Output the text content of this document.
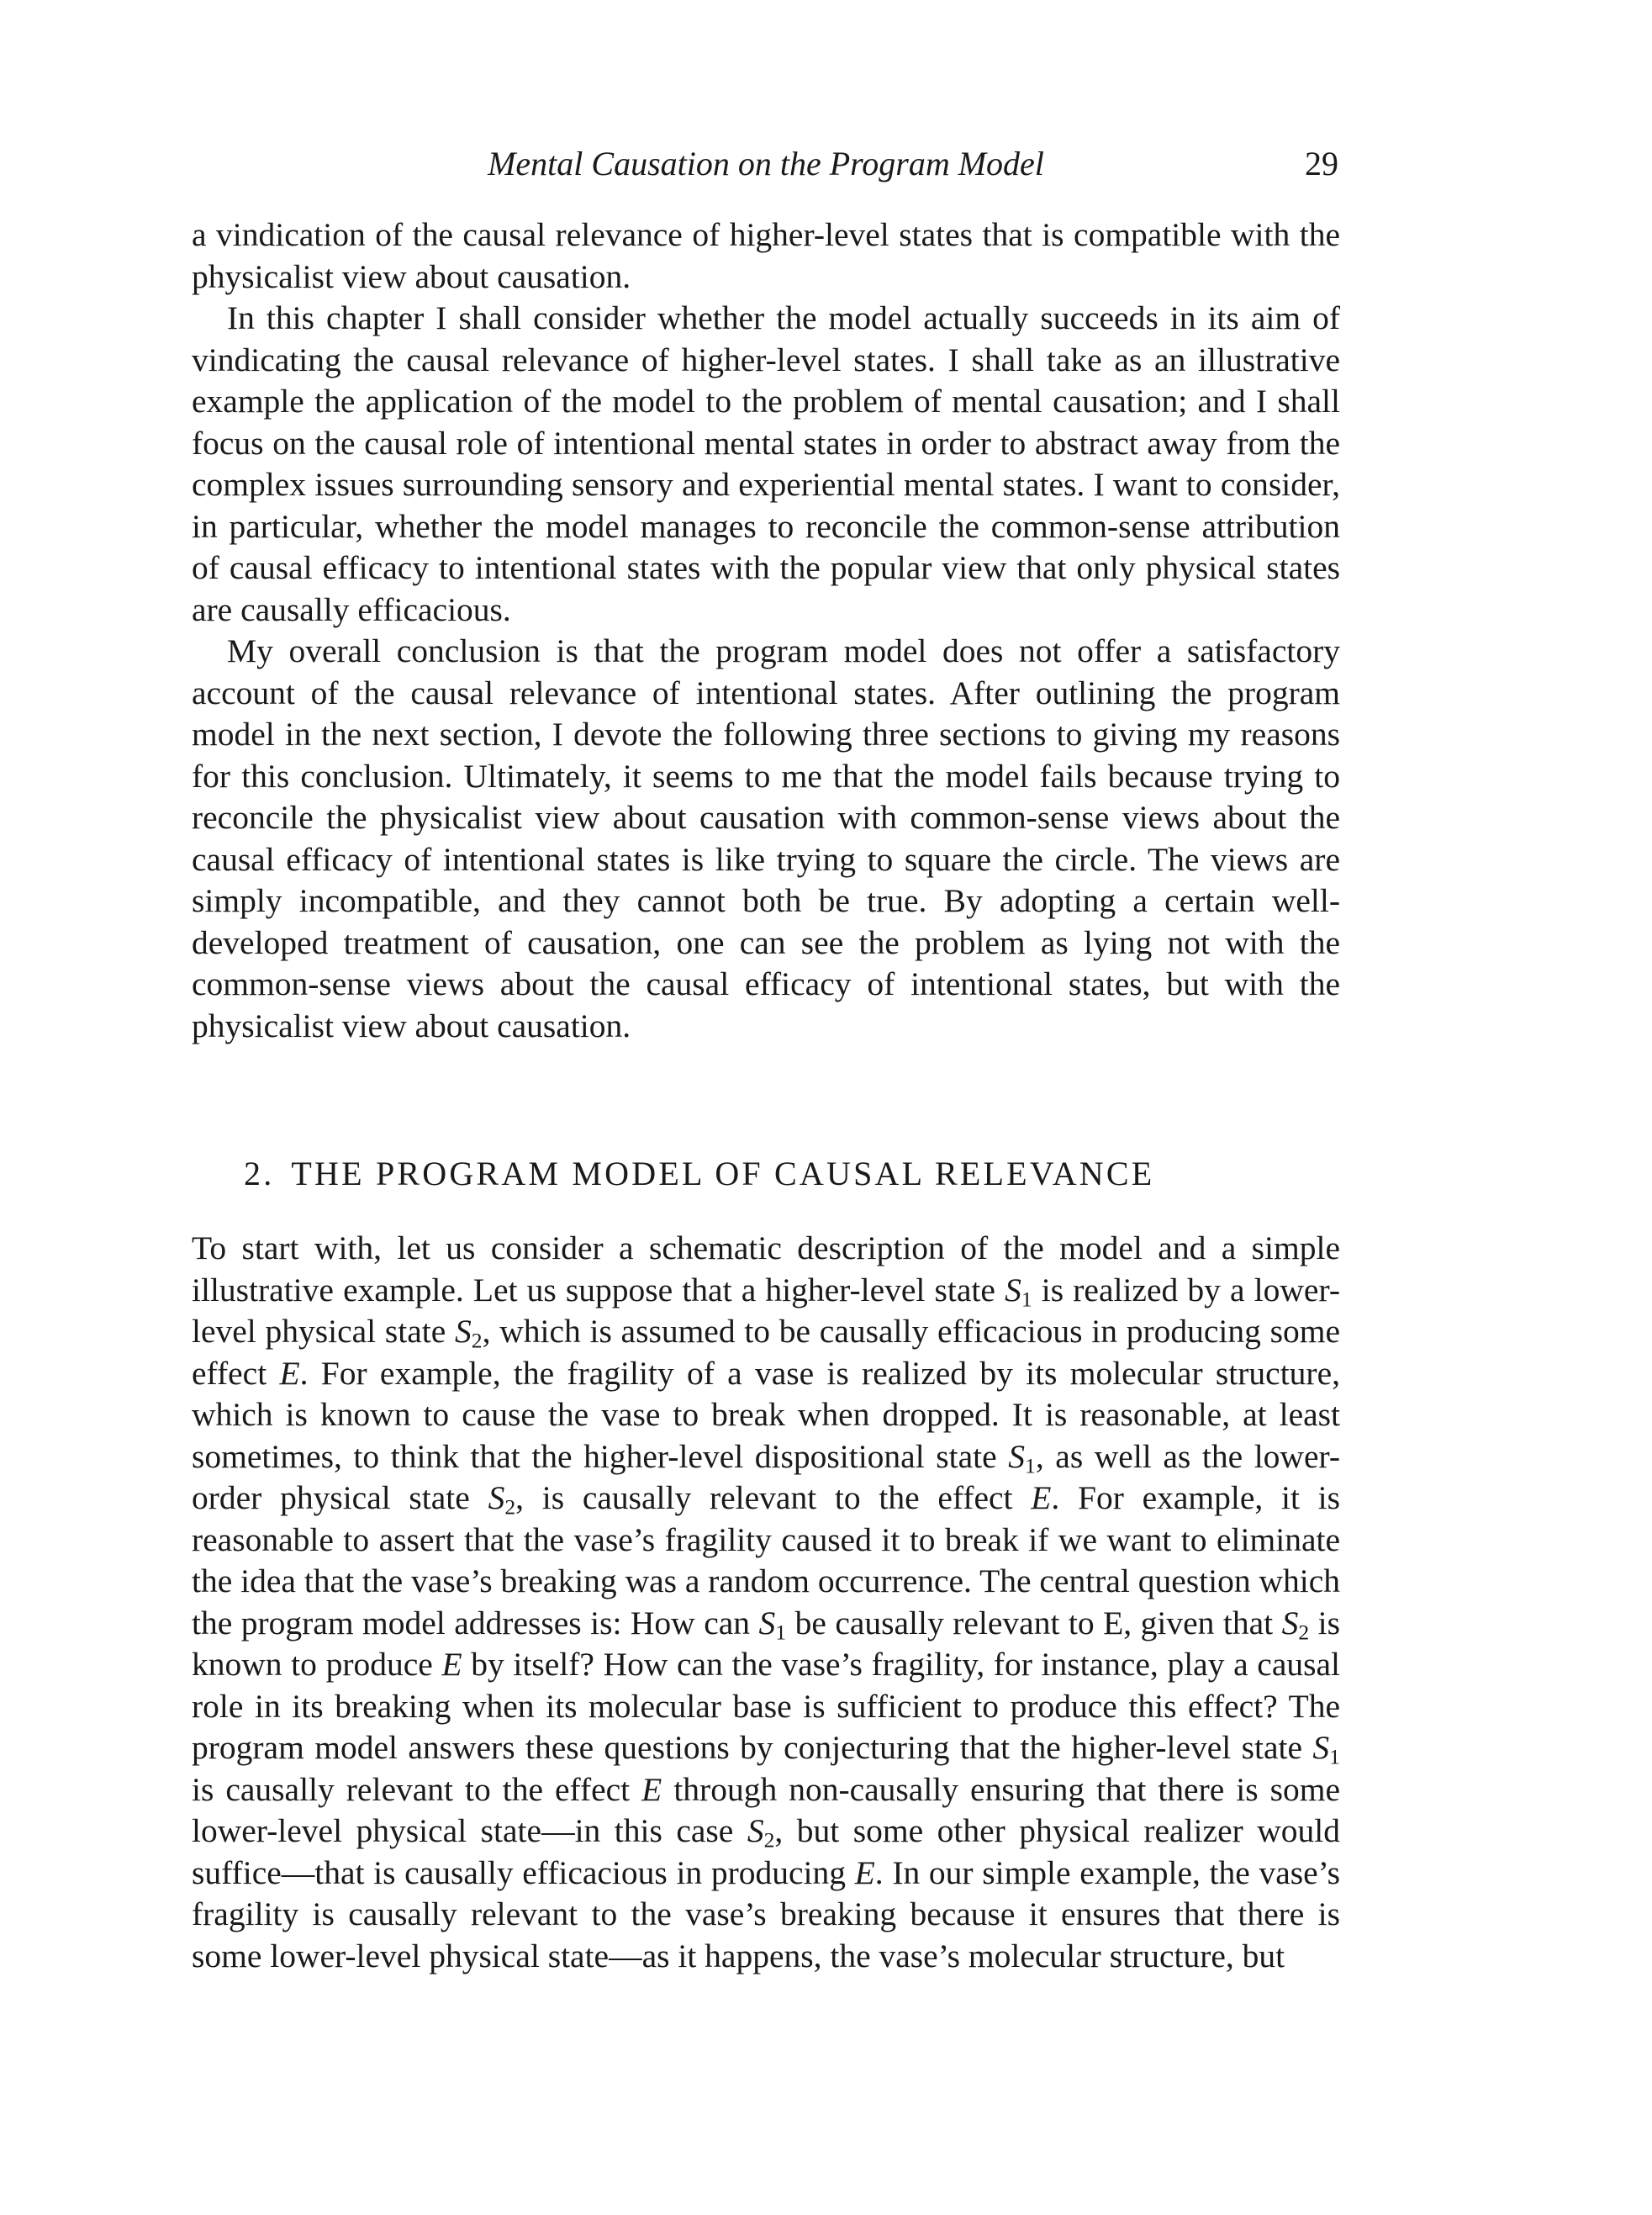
Mental Causation on the Program Model	29

a vindication of the causal relevance of higher-level states that is compatible with the physicalist view about causation.

In this chapter I shall consider whether the model actually succeeds in its aim of vindicating the causal relevance of higher-level states. I shall take as an illustrative example the application of the model to the problem of mental causation; and I shall focus on the causal role of intentional mental states in order to abstract away from the complex issues surrounding sensory and experiential mental states. I want to consider, in particular, whether the model manages to reconcile the common-sense attribution of causal efficacy to intentional states with the popular view that only physical states are causally efficacious.

My overall conclusion is that the program model does not offer a satisfactory account of the causal relevance of intentional states. After outlining the program model in the next section, I devote the following three sections to giving my reasons for this conclusion. Ultimately, it seems to me that the model fails because trying to reconcile the physicalist view about causation with common-sense views about the causal efficacy of intentional states is like trying to square the circle. The views are simply incompatible, and they cannot both be true. By adopting a certain well-developed treatment of causation, one can see the problem as lying not with the common-sense views about the causal efficacy of intentional states, but with the physicalist view about causation.

2. THE PROGRAM MODEL OF CAUSAL RELEVANCE

To start with, let us consider a schematic description of the model and a simple illustrative example. Let us suppose that a higher-level state $S_1$ is realized by a lower-level physical state $S_2$, which is assumed to be causally efficacious in producing some effect E. For example, the fragility of a vase is realized by its molecular structure, which is known to cause the vase to break when dropped. It is reasonable, at least sometimes, to think that the higher-level dispositional state $S_1$, as well as the lower-order physical state $S_2$, is causally relevant to the effect E. For example, it is reasonable to assert that the vase’s fragility caused it to break if we want to eliminate the idea that the vase’s breaking was a random occurrence. The central question which the program model addresses is: How can $S_1$ be causally relevant to E, given that $S_2$ is known to produce E by itself? How can the vase’s fragility, for instance, play a causal role in its breaking when its molecular base is sufficient to produce this effect? The program model answers these questions by conjecturing that the higher-level state $S_1$ is causally relevant to the effect E through non-causally ensuring that there is some lower-level physical state—in this case $S_2$, but some other physical realizer would suffice—that is causally efficacious in producing E. In our simple example, the vase’s fragility is causally relevant to the vase’s breaking because it ensures that there is some lower-level physical state—as it happens, the vase’s molecular structure, but
